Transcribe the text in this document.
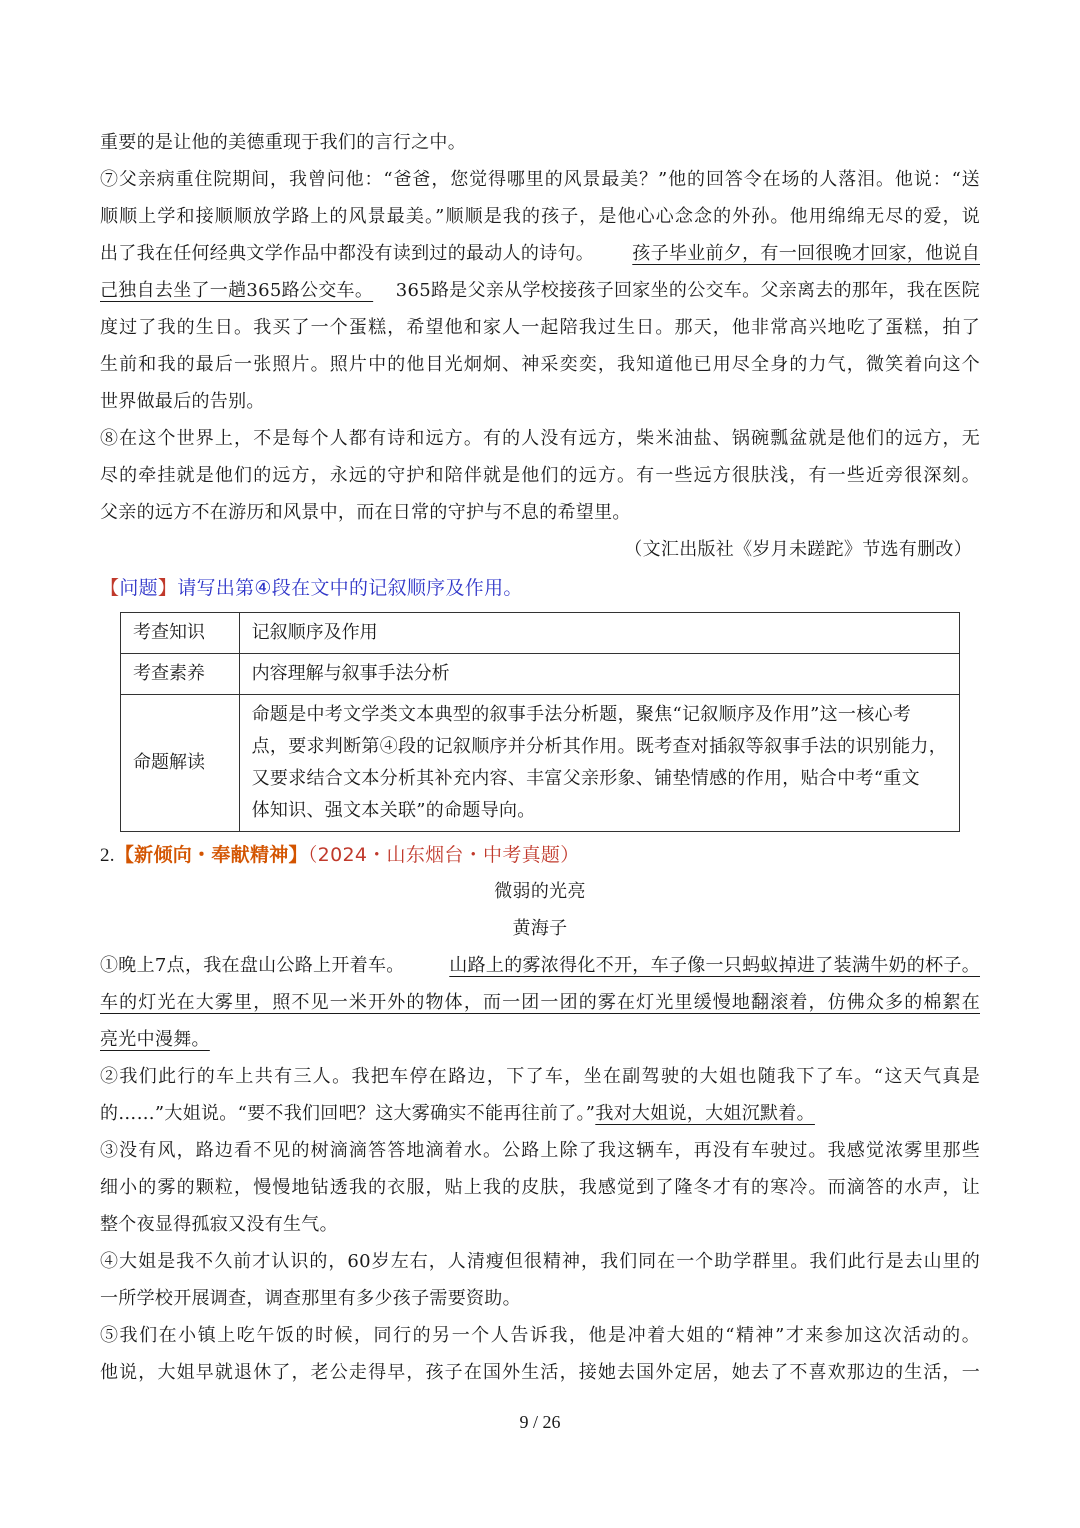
重要的是让他的美德重现于我们的言行之中。
⑦父亲病重住院期间，我曾问他：“爸爸，您觉得哪里的风景最美？”他的回答令在场的人落泪。他说：“送
顺顺上学和接顺顺放学路上的风景最美。”顺顺是我的孩子，是他心心念念的外孙。他用绵绵无尽的爱，说
出了我在任何经典文学作品中都没有读到过的最动人的诗句。 孩子毕业前夕，有一回很晚才回家，他说自
己独自去坐了一趟365路公交车。 365路是父亲从学校接孩子回家坐的公交车。父亲离去的那年，我在医院
度过了我的生日。我买了一个蛋糕，希望他和家人一起陪我过生日。那天，他非常高兴地吃了蛋糕，拍了
生前和我的最后一张照片。照片中的他目光炯炯、神采奕奕，我知道他已用尽全身的力气，微笑着向这个
世界做最后的告别。
⑧在这个世界上，不是每个人都有诗和远方。有的人没有远方，柴米油盐、锅碗瓢盆就是他们的远方，无
尽的牵挂就是他们的远方，永远的守护和陪伴就是他们的远方。有一些远方很肤浅，有一些近旁很深刻。
父亲的远方不在游历和风景中，而在日常的守护与不息的希望里。
（文汇出版社《岁月未蹉跎》节选有删改）
【问题】请写出第④段在文中的记叙顺序及作用。
考查知识	记叙顺序及作用
考查素养	内容理解与叙事手法分析
命题解读	命题是中考文学类文本典型的叙事手法分析题，聚焦“记叙顺序及作用”这一核心考
点，要求判断第④段的记叙顺序并分析其作用。既考查对插叙等叙事手法的识别能力，
又要求结合文本分析其补充内容、丰富父亲形象、铺垫情感的作用，贴合中考“重文
体知识、强文本关联”的命题导向。
2.【新倾向・奉献精神】（2024・山东烟台・中考真题）
微弱的光亮
黄海子
①晚上7点，我在盘山公路上开着车。 山路上的雾浓得化不开，车子像一只蚂蚁掉进了装满牛奶的杯子。
车的灯光在大雾里，照不见一米开外的物体，而一团一团的雾在灯光里缓慢地翻滚着，仿佛众多的棉絮在
亮光中漫舞。
②我们此行的车上共有三人。我把车停在路边，下了车，坐在副驾驶的大姐也随我下了车。“这天气真是
的……”大姐说。“要不我们回吧？这大雾确实不能再往前了。”我对大姐说，大姐沉默着。
③没有风，路边看不见的树滴滴答答地滴着水。公路上除了我这辆车，再没有车驶过。我感觉浓雾里那些
细小的雾的颗粒，慢慢地钻透我的衣服，贴上我的皮肤，我感觉到了隆冬才有的寒冷。而滴答的水声，让
整个夜显得孤寂又没有生气。
④大姐是我不久前才认识的，60岁左右，人清瘦但很精神，我们同在一个助学群里。我们此行是去山里的
一所学校开展调查，调查那里有多少孩子需要资助。
⑤我们在小镇上吃午饭的时候，同行的另一个人告诉我，他是冲着大姐的“精神”才来参加这次活动的。
他说，大姐早就退休了，老公走得早，孩子在国外生活，接她去国外定居，她去了不喜欢那边的生活，一
9 / 26
